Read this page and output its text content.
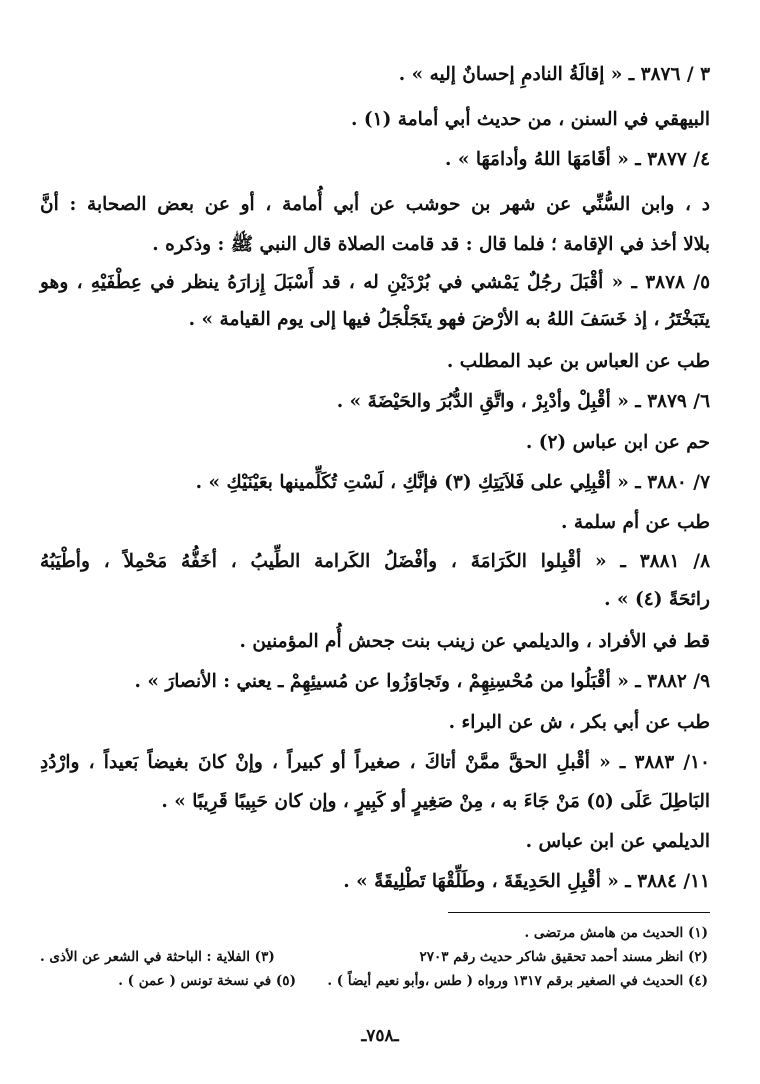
٣ / ٣٨٧٦ ـ « إقالَةُ النادمِ إحسانٌ إليه » .
البيهقي في السنن ، من حديث أبي أمامة (١) .
٤/ ٣٨٧٧ ـ « أقَامَهَا اللهُ وأدامَهَا » .
د ، وابن السُّنِّي عن شهر بن حوشب عن أبي أُمامة ، أو عن بعض الصحابة : أنَّ
بلالا أخذ في الإقامة ؛ فلما قال : قد قامت الصلاة قال النبي ﷺ : وذكره .
٥/ ٣٨٧٨ ـ « أقْبَلَ رجُلٌ يَمْشي في بُرْدَيْنِ له ، قد أَسْبَلَ إِزارَهُ ينظر في عِطْفَيْهِ ، وهو
يتَبَخْتَرُ ، إذ خَسَفَ اللهُ به الأرْضَ فهو يتَجَلْجَلُ فيها إلى يوم القيامة » .
طب عن العباس بن عبد المطلب .
٦/ ٣٨٧٩ ـ « أقْبِلْ وأدْبِرْ ، واتَّقِ الدُّبُرَ والحَيْضَةَ » .
حم عن ابن عباس (٢) .
٧/ ٣٨٨٠ ـ « أقْبِلِي على فَلاَيَتِكِ (٣) فإنَّكِ ، لَسْتِ تُكَلِّمينها بعَيْنَيْكِ » .
طب عن أم سلمة .
٨/ ٣٨٨١ ـ « أقْبِلوا الكَرَامَةَ ، وأفْضَلُ الكَرامة الطِّيبُ ، أخَفُّهُ مَحْمِلاً ، وأطْيَبُهُ
رائحَةً (٤) » .
قط في الأفراد ، والديلمي عن زينب بنت جحش أُم المؤمنين .
٩/ ٣٨٨٢ ـ « أقْبَلُوا من مُحْسِنِهِمْ ، وتَجاوَزُوا عن مُسيئِهِمْ ـ يعني : الأنصارَ » .
طب عن أبي بكر ، ش عن البراء .
١٠/ ٣٨٨٣ ـ « أقْبلِ الحقَّ ممَّنْ أتاكَ ، صغيراً أو كبيراً ، وإنْ كانَ بغيضاً بَعيداً ، وارْدُدِ
البَاطِلَ عَلَى (٥) مَنْ جَاءَ به ، مِنْ صَغِيرٍ أو كَبِيرٍ ، وإن كان حَبِيبًا قَرِيبًا » .
الديلمي عن ابن عباس .
١١/ ٣٨٨٤ ـ « أقْبِلِ الحَدِيقَةَ ، وطَلِّقْهَا تَطْلِيقَةً » .
(١) الحديث من هامش مرتضى .
(٢) انظر مسند أحمد تحقيق شاكر حديث رقم ٢٧٠٣
(٣) الفلاية : الباحثة في الشعر عن الأذى .
(٤) الحديث في الصغير برقم ١٣١٧ ورواه ( طس ،وأبو نعيم أيضاً ) .  (٥) في نسخة تونس ( عمن ) .
ـ٧٥٨ـ
